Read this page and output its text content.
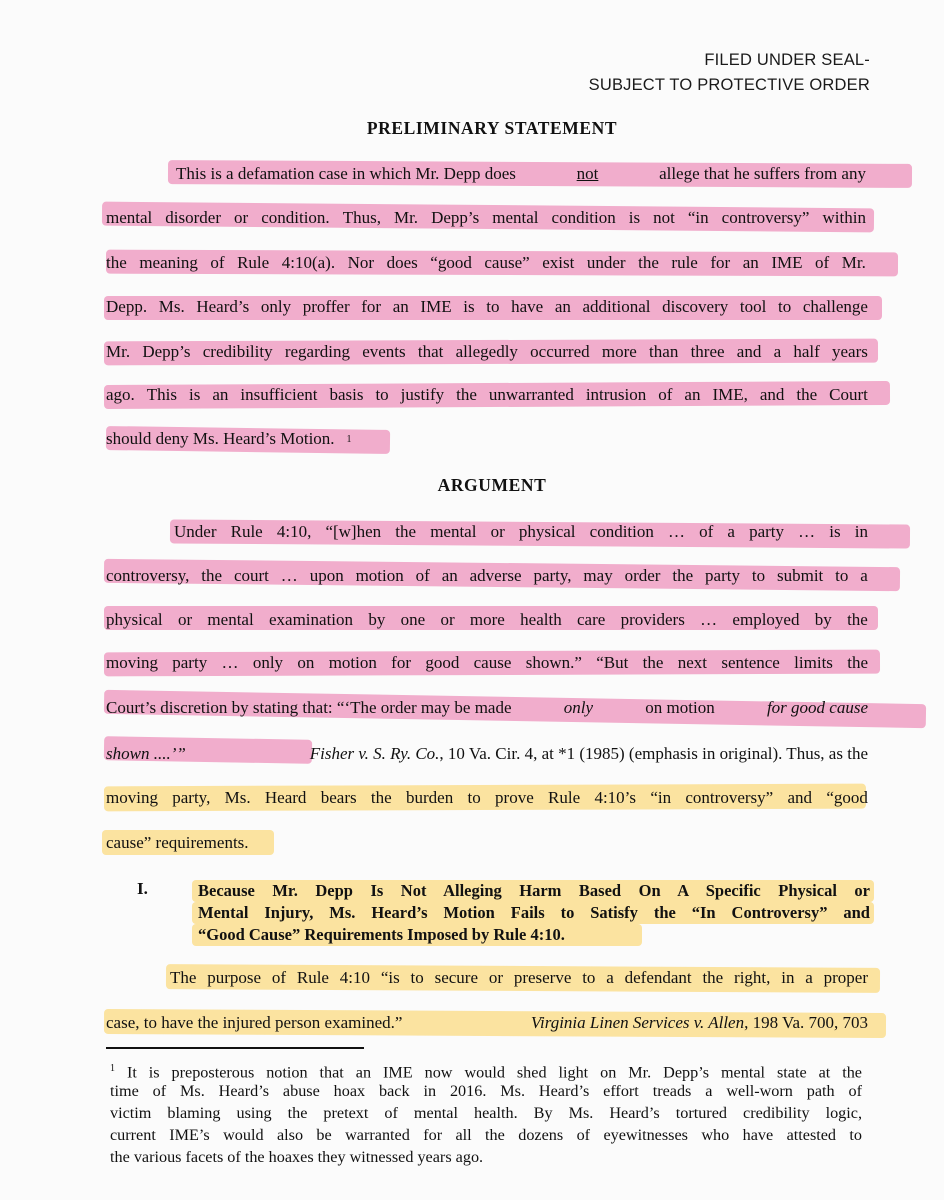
FILED UNDER SEAL-
SUBJECT TO PROTECTIVE ORDER
PRELIMINARY STATEMENT
This is a defamation case in which Mr. Depp does	not	allege that he suffers from any
mental disorder or condition. Thus, Mr. Depp’s mental condition is not “in controversy” within
the meaning of Rule 4:10(a). Nor does “good cause” exist under the rule for an IME of Mr.
Depp. Ms. Heard’s only proffer for an IME is to have an additional discovery tool to challenge
Mr. Depp’s credibility regarding events that allegedly occurred more than three and a half years
ago. This is an insufficient basis to justify the unwarranted intrusion of an IME, and the Court
should deny Ms. Heard’s Motion. 1
ARGUMENT
Under Rule 4:10, “[w]hen the mental or physical condition … of a party … is in
controversy, the court … upon motion of an adverse party, may order the party to submit to a
physical or mental examination by one or more health care providers … employed by the
moving party … only on motion for good cause shown.” “But the next sentence limits the
Court’s discretion by stating that: “‘The order may be made	only	on motion	for good cause
shown ....’”	Fisher v. S. Ry. Co., 10 Va. Cir. 4, at *1 (1985) (emphasis in original). Thus, as the
moving party, Ms. Heard bears the burden to prove Rule 4:10’s “in controversy” and “good
cause” requirements.
I.	Because Mr. Depp Is Not Alleging Harm Based On A Specific Physical or
Mental Injury, Ms. Heard’s Motion Fails to Satisfy the “In Controversy” and
“Good Cause” Requirements Imposed by Rule 4:10.
The purpose of Rule 4:10 “is to secure or preserve to a defendant the right, in a proper
case, to have the injured person examined.”	Virginia Linen Services v. Allen, 198 Va. 700, 703
$^1$ It is preposterous notion that an IME now would shed light on Mr. Depp’s mental state at the
time of Ms. Heard’s abuse hoax back in 2016. Ms. Heard’s effort treads a well-worn path of
victim blaming using the pretext of mental health. By Ms. Heard’s tortured credibility logic,
current IME’s would also be warranted for all the dozens of eyewitnesses who have attested to
the various facets of the hoaxes they witnessed years ago.
